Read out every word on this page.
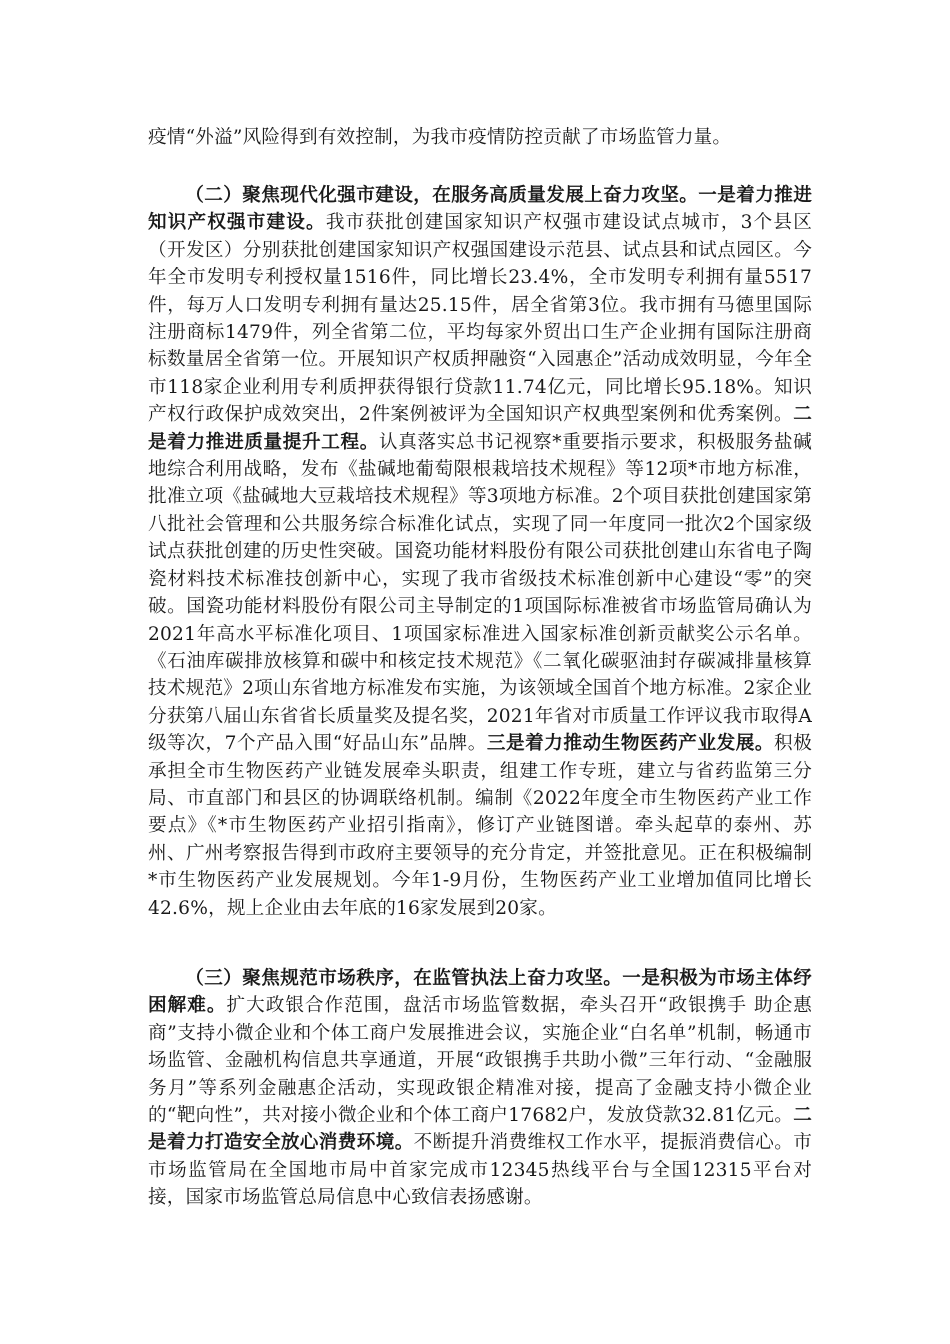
疫情“外溢”风险得到有效控制，为我市疫情防控贡献了市场监管力量。

（二）聚焦现代化强市建设，在服务高质量发展上奋力攻坚。一是着力推进知识产权强市建设。我市获批创建国家知识产权强市建设试点城市，3个县区（开发区）分别获批创建国家知识产权强国建设示范县、试点县和试点园区。今年全市发明专利授权量1516件，同比增长23.4%，全市发明专利拥有量5517件，每万人口发明专利拥有量达25.15件，居全省第3位。我市拥有马德里国际注册商标1479件，列全省第二位，平均每家外贸出口生产企业拥有国际注册商标数量居全省第一位。开展知识产权质押融资“入园惠企”活动成效明显，今年全市118家企业利用专利质押获得银行贷款11.74亿元，同比增长95.18%。知识产权行政保护成效突出，2件案例被评为全国知识产权典型案例和优秀案例。二是着力推进质量提升工程。认真落实总书记视察*重要指示要求，积极服务盐碱地综合利用战略，发布《盐碱地葡萄限根栽培技术规程》等12项*市地方标准，批准立项《盐碱地大豆栽培技术规程》等3项地方标准。2个项目获批创建国家第八批社会管理和公共服务综合标准化试点，实现了同一年度同一批次2个国家级试点获批创建的历史性突破。国瓷功能材料股份有限公司获批创建山东省电子陶瓷材料技术标准技创新中心，实现了我市省级技术标准创新中心建设“零”的突破。国瓷功能材料股份有限公司主导制定的1项国际标准被省市场监管局确认为2021年高水平标准化项目、1项国家标准进入国家标准创新贡献奖公示名单。《石油库碳排放核算和碳中和核定技术规范》《二氧化碳驱油封存碳减排量核算技术规范》2项山东省地方标准发布实施，为该领域全国首个地方标准。2家企业分获第八届山东省省长质量奖及提名奖，2021年省对市质量工作评议我市取得A级等次，7个产品入围“好品山东”品牌。三是着力推动生物医药产业发展。积极承担全市生物医药产业链发展牵头职责，组建工作专班，建立与省药监第三分局、市直部门和县区的协调联络机制。编制《2022年度全市生物医药产业工作要点》《*市生物医药产业招引指南》，修订产业链图谱。牵头起草的泰州、苏州、广州考察报告得到市政府主要领导的充分肯定，并签批意见。正在积极编制*市生物医药产业发展规划。今年1-9月份，生物医药产业工业增加值同比增长42.6%，规上企业由去年底的16家发展到20家。

（三）聚焦规范市场秩序，在监管执法上奋力攻坚。一是积极为市场主体纾困解难。扩大政银合作范围，盘活市场监管数据，牵头召开“政银携手 助企惠商”支持小微企业和个体工商户发展推进会议，实施企业“白名单”机制，畅通市场监管、金融机构信息共享通道，开展“政银携手共助小微”三年行动、“金融服务月”等系列金融惠企活动，实现政银企精准对接，提高了金融支持小微企业的“靶向性”，共对接小微企业和个体工商户17682户，发放贷款32.81亿元。二是着力打造安全放心消费环境。不断提升消费维权工作水平，提振消费信心。市市场监管局在全国地市局中首家完成市12345热线平台与全国12315平台对接，国家市场监管总局信息中心致信表扬感谢。
